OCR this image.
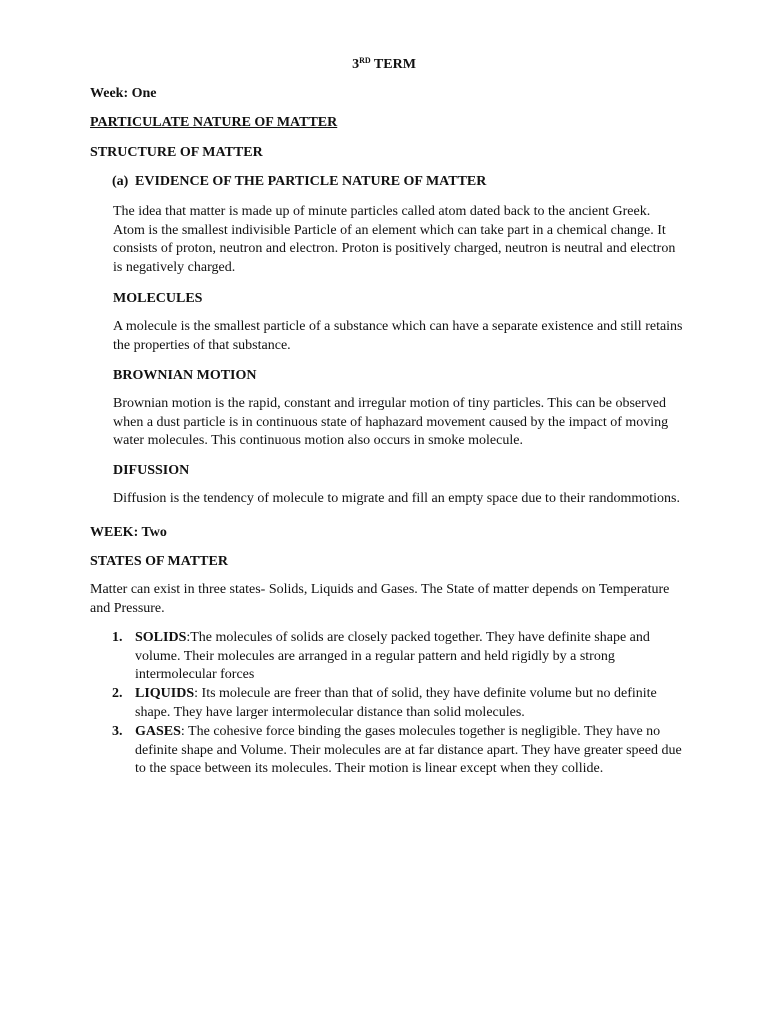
3RD TERM
Week: One
PARTICULATE NATURE OF MATTER
STRUCTURE OF MATTER
(a) EVIDENCE OF THE PARTICLE NATURE OF MATTER
The idea that matter is made up of minute particles called atom dated back to the ancient Greek. Atom is the smallest indivisible Particle of an element which can take part in a chemical change. It consists of proton, neutron and electron. Proton is positively charged, neutron is neutral and electron is negatively charged.
MOLECULES
A molecule is the smallest particle of a substance which can have a separate existence and still retains the properties of that substance.
BROWNIAN MOTION
Brownian motion is the rapid, constant and irregular motion of tiny particles. This can be observed when a dust particle is in continuous state of haphazard movement caused by the impact of moving water molecules. This continuous motion also occurs in smoke molecule.
DIFUSSION
Diffusion is the tendency of molecule to migrate and fill an empty space due to their randommotions.
WEEK: Two
STATES OF MATTER
Matter can exist in three states- Solids, Liquids and Gases. The State of matter depends on Temperature and Pressure.
1. SOLIDS:The molecules of solids are closely packed together. They have definite shape and volume. Their molecules are arranged in a regular pattern and held rigidly by a strong intermolecular forces
2. LIQUIDS: Its molecule are freer than that of solid, they have definite volume but no definite shape. They have larger intermolecular distance than solid molecules.
3. GASES: The cohesive force binding the gases molecules together is negligible. They have no definite shape and Volume. Their molecules are at far distance apart. They have greater speed due to the space between its molecules. Their motion is linear except when they collide.
